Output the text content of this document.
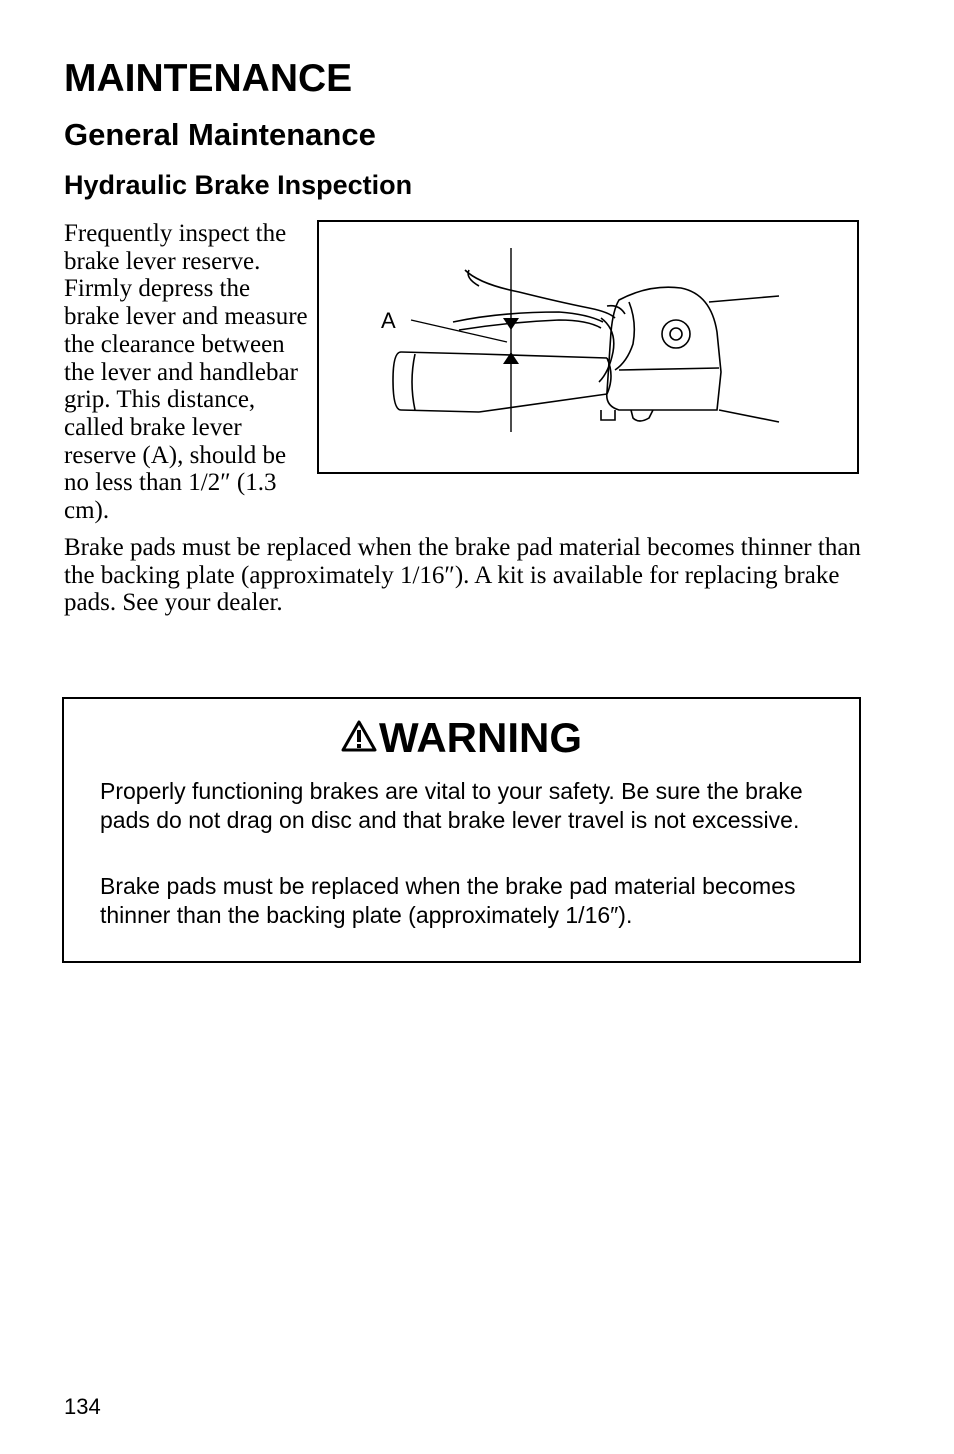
MAINTENANCE
General Maintenance
Hydraulic Brake Inspection
Frequently inspect the brake lever reserve. Firmly depress the brake lever and measure the clearance between the lever and handlebar grip. This distance, called brake lever reserve (A), should be no less than 1/2″ (1.3 cm).
A

Brake pads must be replaced when the brake pad material becomes thinner than the backing plate (approximately 1/16″). A kit is available for replacing brake pads. See your dealer.

WARNING

Properly functioning brakes are vital to your safety. Be sure the brake pads do not drag on disc and that brake lever travel is not excessive.

Brake pads must be replaced when the brake pad material becomes thinner than the backing plate (approximately 1/16″).

134
